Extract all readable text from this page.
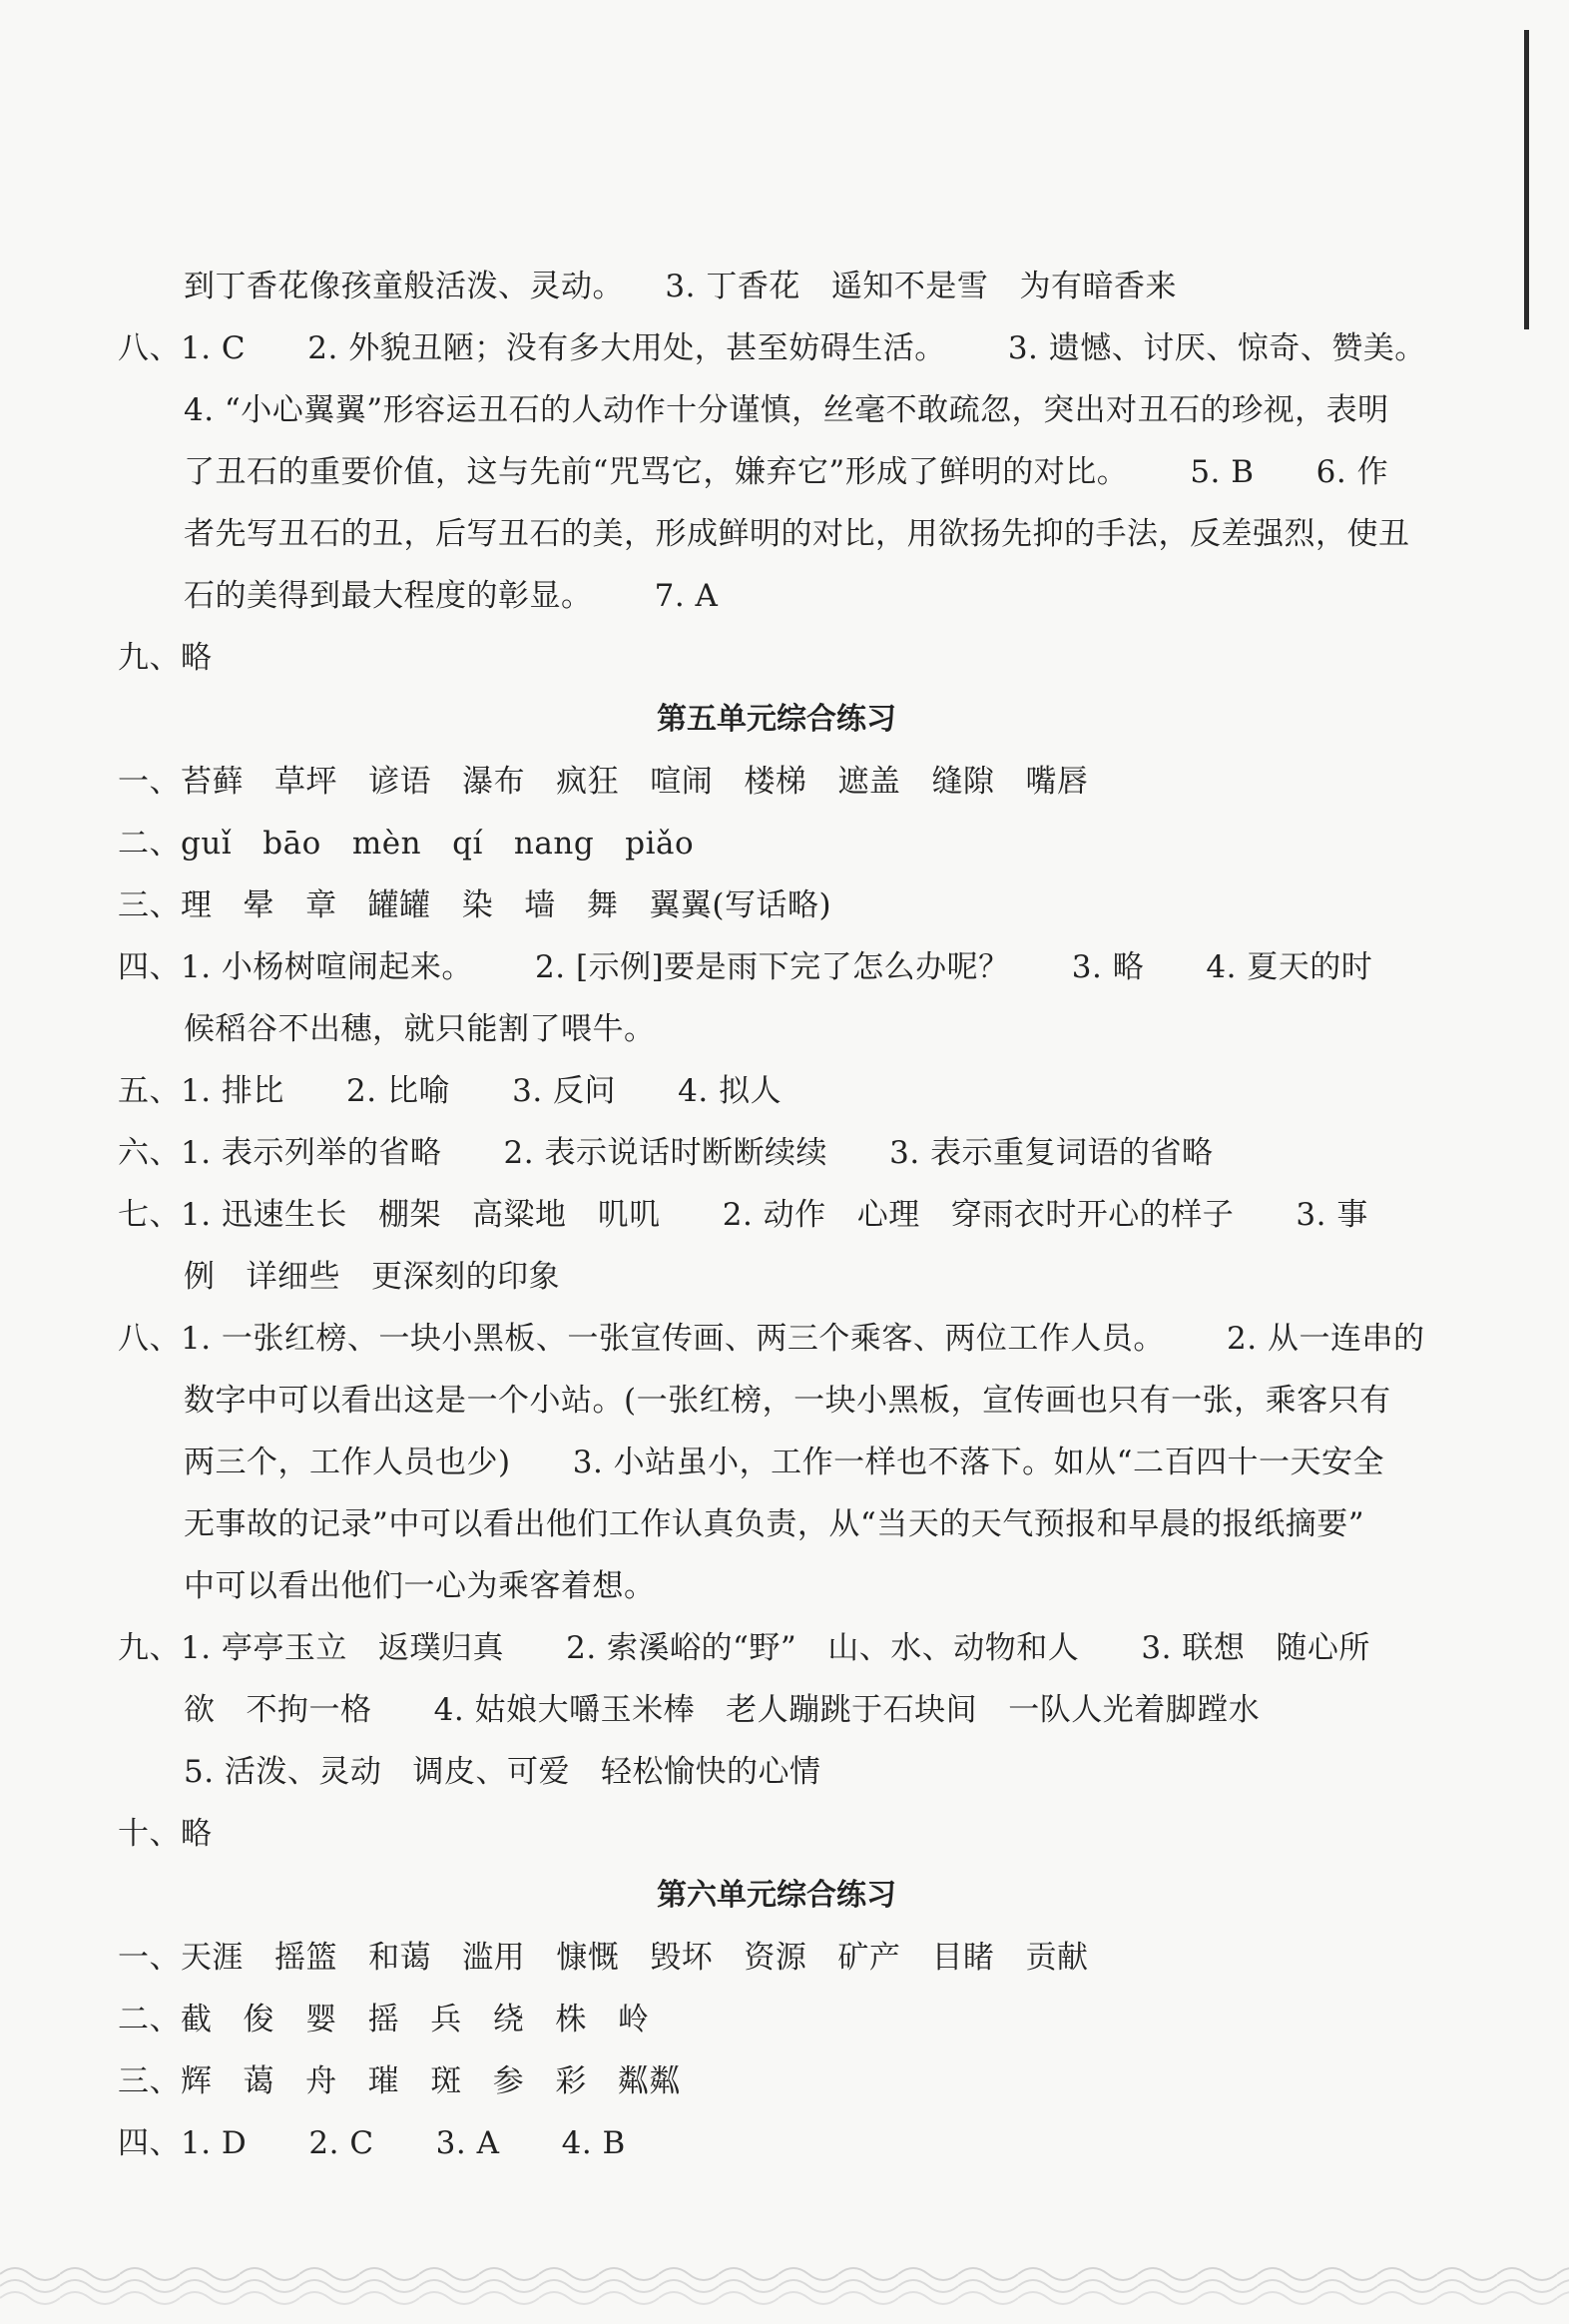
到丁香花像孩童般活泼、灵动。    3. 丁香花   遥知不是雪   为有暗香来
八、1. C      2. 外貌丑陋；没有多大用处，甚至妨碍生活。      3. 遗憾、讨厌、惊奇、赞美。
4. “小心翼翼”形容运丑石的人动作十分谨慎，丝毫不敢疏忽，突出对丑石的珍视，表明
了丑石的重要价值，这与先前“咒骂它，嫌弃它”形成了鲜明的对比。      5. B      6. 作
者先写丑石的丑，后写丑石的美，形成鲜明的对比，用欲扬先抑的手法，反差强烈，使丑
石的美得到最大程度的彰显。      7. A
九、略
第五单元综合练习
一、苔藓   草坪   谚语   瀑布   疯狂   喧闹   楼梯   遮盖   缝隙   嘴唇
二、guǐ   bāo   mèn   qí   nang   piǎo
三、理   晕   章   罐罐   染   墙   舞   翼翼(写话略)
四、1. 小杨树喧闹起来。      2. [示例]要是雨下完了怎么办呢？      3. 略      4. 夏天的时
候稻谷不出穗，就只能割了喂牛。
五、1. 排比      2. 比喻      3. 反问      4. 拟人
六、1. 表示列举的省略      2. 表示说话时断断续续      3. 表示重复词语的省略
七、1. 迅速生长   棚架   高粱地   叽叽      2. 动作   心理   穿雨衣时开心的样子      3. 事
例   详细些   更深刻的印象
八、1. 一张红榜、一块小黑板、一张宣传画、两三个乘客、两位工作人员。      2. 从一连串的
数字中可以看出这是一个小站。(一张红榜，一块小黑板，宣传画也只有一张，乘客只有
两三个，工作人员也少)      3. 小站虽小，工作一样也不落下。如从“二百四十一天安全
无事故的记录”中可以看出他们工作认真负责，从“当天的天气预报和早晨的报纸摘要”
中可以看出他们一心为乘客着想。
九、1. 亭亭玉立   返璞归真      2. 索溪峪的“野”   山、水、动物和人      3. 联想   随心所
欲   不拘一格      4. 姑娘大嚼玉米棒   老人蹦跳于石块间   一队人光着脚蹚水
5. 活泼、灵动   调皮、可爱   轻松愉快的心情
十、略
第六单元综合练习
一、天涯   摇篮   和蔼   滥用   慷慨   毁坏   资源   矿产   目睹   贡献
二、截   俊   婴   摇   兵   绕   株   岭
三、辉   蔼   舟   璀   斑   参   彩   粼粼
四、1. D      2. C      3. A      4. B
